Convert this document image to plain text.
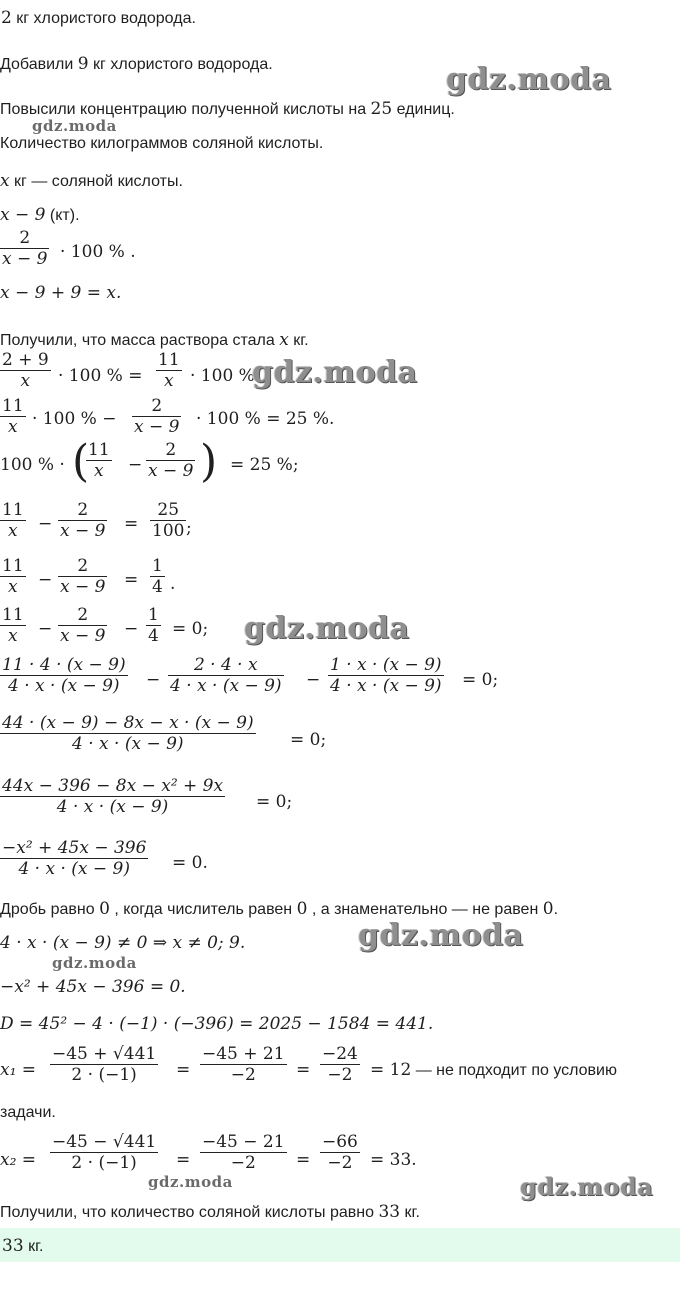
2 кг хлористого водорода.
Добавили 9 кг хлористого водорода.
Повысили концентрацию полученной кислоты на 25 единиц.
Количество килограммов соляной кислоты.
x кг — соляной кислоты.
x − 9 (кт).
2
x − 9 · 100 % .
x − 9 + 9 = x.
Получили, что масса раствора стала x кг.
2 + 9
x	· 100 % =
11
x · 100 %
11
x · 100 % −
2
x − 9 · 100 % = 25 %.
100 % · (
11
x	−
2
x − 9 ) = 25 %;
11
x	−
2
x − 9 =
25
100 ;
11
x	−
2
x − 9 =
1
4 .
11
x	−
2
x − 9 −
1
4 = 0;
11 · 4 · (x − 9)
4 · x · (x − 9)	−
2 · 4 · x
4 · x · (x − 9) −
1 · x · (x − 9)
4 · x · (x − 9) = 0;
44 · (x − 9) − 8x − x · (x − 9)
4 · x · (x − 9)	= 0;
44x − 396 − 8x − x² + 9x
4 · x · (x − 9)	= 0;
−x² + 45x − 396
4 · x · (x − 9)	= 0.
Дробь равно 0 , когда числитель равен 0 , а знаменательно — не равен 0.
4 · x · (x − 9) ≠ 0 ⇒ x ≠ 0; 9.
−x² + 45x − 396 = 0.
D = 45² − 4 · (−1) · (−396) = 2025 − 1584 = 441.
x₁ =
−45 + √441
2 · (−1)	=
−45 + 21
−2	=
−24
−2	= 12 — не подходит по условию
задачи.
x₂ =
−45 − √441
2 · (−1)	=
−45 − 21
−2	=
−66
−2	= 33.
Получили, что количество соляной кислоты равно 33 кг.
33 кг.
gdz.moda
gdz.moda
gdz.moda
gdz.moda
gdz.moda
gdz.moda
gdz.moda	gdz.moda
